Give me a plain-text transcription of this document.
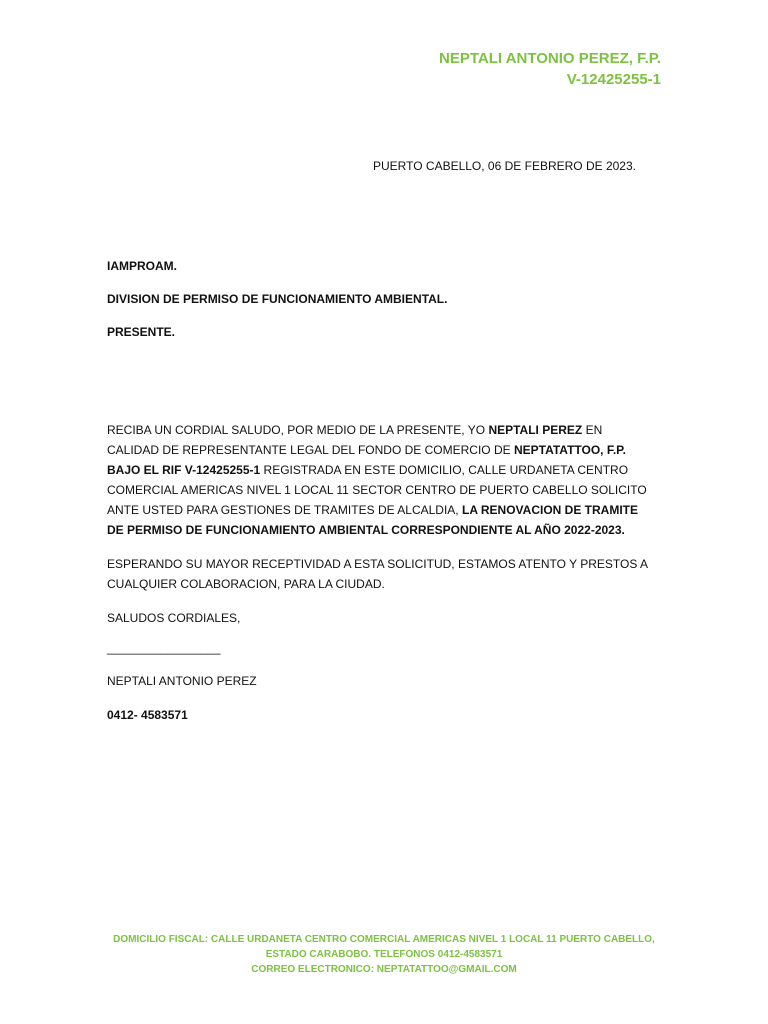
NEPTALI ANTONIO PEREZ, F.P.
V-12425255-1
PUERTO CABELLO, 06 DE FEBRERO DE 2023.
IAMPROAM.
DIVISION DE PERMISO DE FUNCIONAMIENTO AMBIENTAL.
PRESENTE.

RECIBA UN CORDIAL SALUDO, POR MEDIO DE LA PRESENTE, YO NEPTALI PEREZ EN CALIDAD DE REPRESENTANTE LEGAL DEL FONDO DE COMERCIO DE NEPTATATTOO, F.P. BAJO EL RIF V-12425255-1 REGISTRADA EN ESTE DOMICILIO, CALLE URDANETA CENTRO COMERCIAL AMERICAS NIVEL 1 LOCAL 11 SECTOR CENTRO DE PUERTO CABELLO SOLICITO ANTE USTED PARA GESTIONES DE TRAMITES DE ALCALDIA, LA RENOVACION DE TRAMITE DE PERMISO DE FUNCIONAMIENTO AMBIENTAL CORRESPONDIENTE AL AÑO 2022-2023.

ESPERANDO SU MAYOR RECEPTIVIDAD A ESTA SOLICITUD, ESTAMOS ATENTO Y PRESTOS A CUALQUIER COLABORACION, PARA LA CIUDAD.

SALUDOS CORDIALES,

_________________
NEPTALI ANTONIO PEREZ
0412- 4583571
DOMICILIO FISCAL: CALLE URDANETA CENTRO COMERCIAL AMERICAS NIVEL 1 LOCAL 11 PUERTO CABELLO, ESTADO CARABOBO. TELEFONOS 0412-4583571
CORREO ELECTRONICO: NEPTATATTOO@GMAIL.COM
